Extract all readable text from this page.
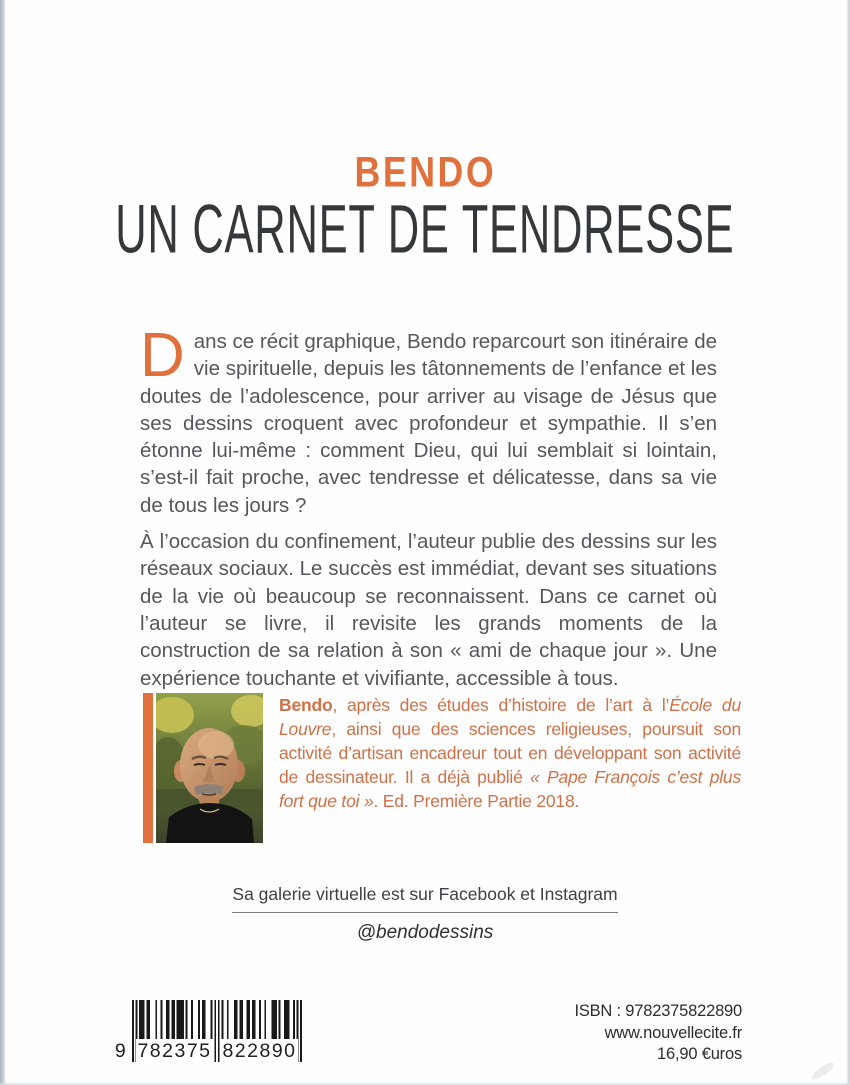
BENDO
UN CARNET DE TENDRESSE

Dans ce récit graphique, Bendo reparcourt son itinéraire de vie spirituelle, depuis les tâtonnements de l’enfance et les doutes de l’adolescence, pour arriver au visage de Jésus que ses dessins croquent avec profondeur et sympathie. Il s’en étonne lui-même : comment Dieu, qui lui semblait si lointain, s’est-il fait proche, avec tendresse et délicatesse, dans sa vie de tous les jours ?

À l’occasion du confinement, l’auteur publie des dessins sur les réseaux sociaux. Le succès est immédiat, devant ses situations de la vie où beaucoup se reconnaissent. Dans ce carnet où l’auteur se livre, il revisite les grands moments de la construction de sa relation à son « ami de chaque jour ». Une expérience touchante et vivifiante, accessible à tous.

Bendo, après des études d’histoire de l’art à l’École du Louvre, ainsi que des sciences religieuses, poursuit son activité d’artisan encadreur tout en développant son activité de dessinateur. Il a déjà publié « Pape François c’est plus fort que toi ». Ed. Première Partie 2018.
Sa galerie virtuelle est sur Facebook et Instagram
@bendodessins
9 782375 822890
ISBN : 9782375822890
www.nouvellecite.fr
16,90 €uros
